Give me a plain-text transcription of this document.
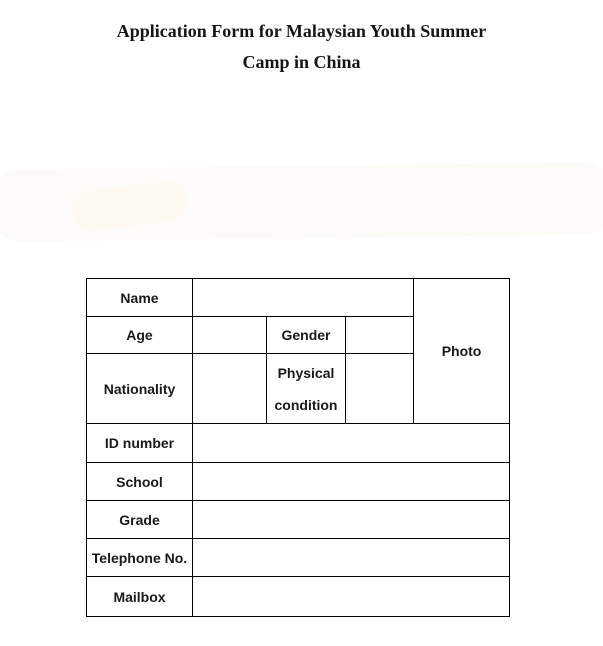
Application Form for Malaysian Youth Summer
Camp in China
Name				Photo
Age		Gender		
Nationality		Physical condition		
ID number				
School				
Grade				
Telephone No.				
Mailbox				
